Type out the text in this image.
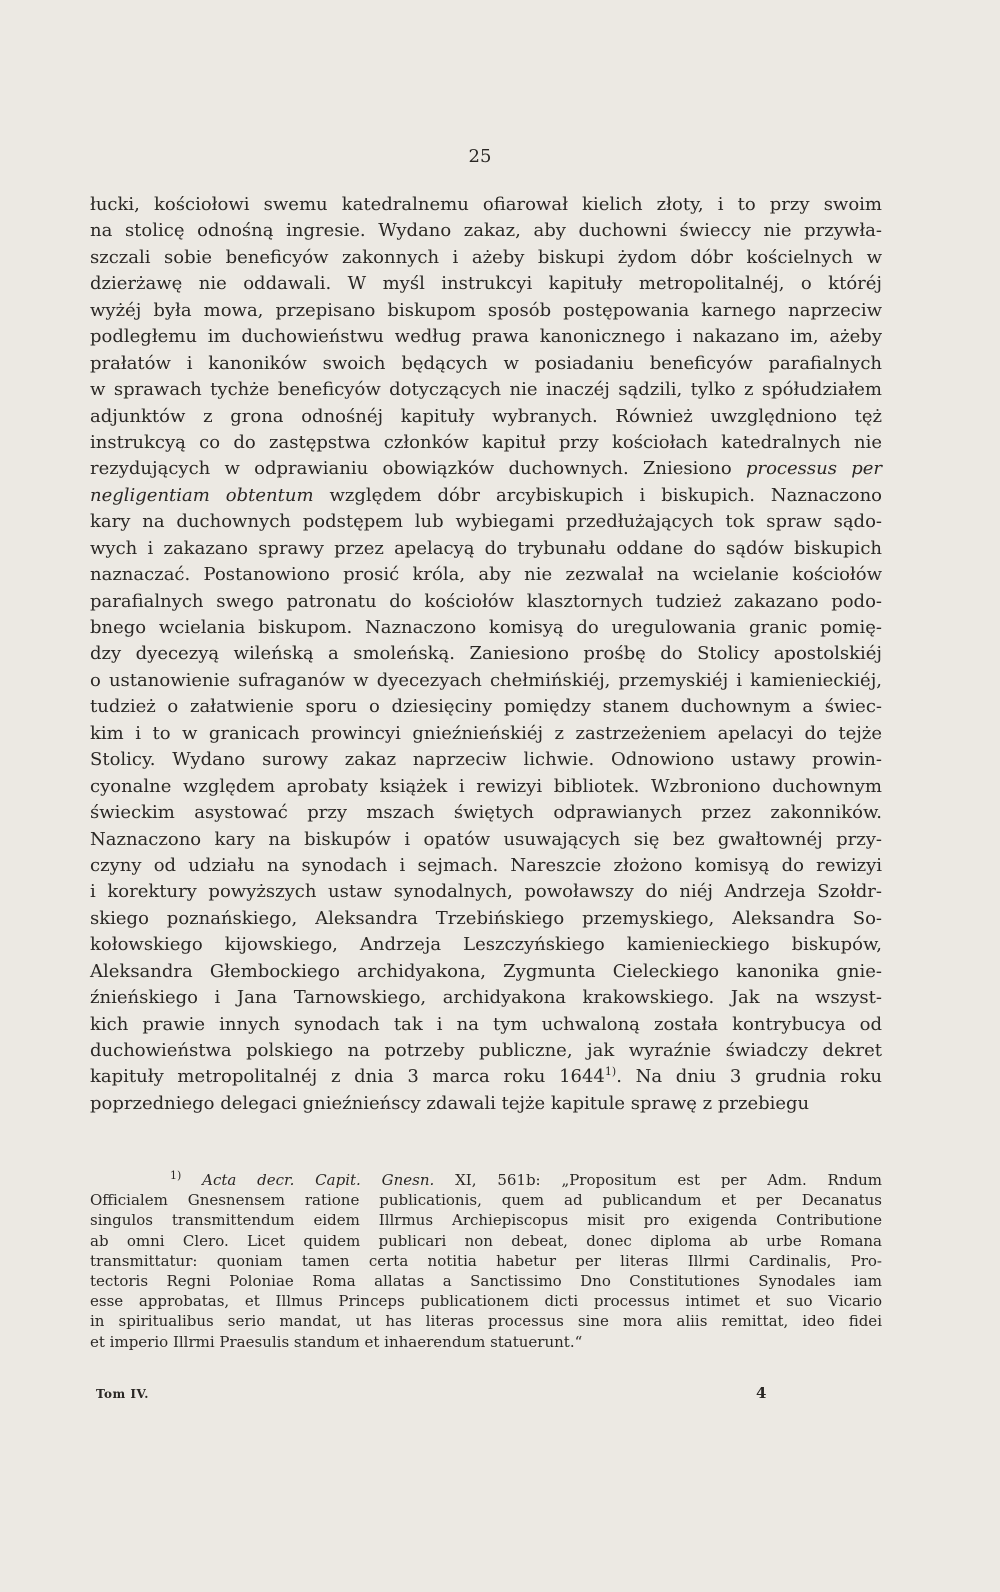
25
łucki, kościołowi swemu katedralnemu ofiarował kielich złoty, i to przy swoim
na stolicę odnośną ingresie. Wydano zakaz, aby duchowni świeccy nie przywła-
szczali sobie beneficyów zakonnych i ażeby biskupi żydom dóbr kościelnych w
dzierżawę nie oddawali. W myśl instrukcyi kapituły metropolitalnéj, o któréj
wyżéj była mowa, przepisano biskupom sposób postępowania karnego naprzeciw
podległemu im duchowieństwu według prawa kanonicznego i nakazano im, ażeby
prałatów i kanoników swoich będących w posiadaniu beneficyów parafialnych
w sprawach tychże beneficyów dotyczących nie inaczéj sądzili, tylko z spółudziałem
adjunktów z grona odnośnéj kapituły wybranych. Również uwzględniono tęż
instrukcyą co do zastępstwa członków kapituł przy kościołach katedralnych nie
rezydujących w odprawianiu obowiązków duchownych. Zniesiono processus per
negligentiam obtentum względem dóbr arcybiskupich i biskupich. Naznaczono
kary na duchownych podstępem lub wybiegami przedłużających tok spraw sądo-
wych i zakazano sprawy przez apelacyą do trybunału oddane do sądów biskupich
naznaczać. Postanowiono prosić króla, aby nie zezwalał na wcielanie kościołów
parafialnych swego patronatu do kościołów klasztornych tudzież zakazano podo-
bnego wcielania biskupom. Naznaczono komisyą do uregulowania granic pomię-
dzy dyecezyą wileńską a smoleńską. Zaniesiono prośbę do Stolicy apostolskiéj
o ustanowienie sufraganów w dyecezyach chełmińskiéj, przemyskiéj i kamienieckiéj,
tudzież o załatwienie sporu o dziesięciny pomiędzy stanem duchownym a świec-
kim i to w granicach prowincyi gnieźnieńskiéj z zastrzeżeniem apelacyi do tejże
Stolicy. Wydano surowy zakaz naprzeciw lichwie. Odnowiono ustawy prowin-
cyonalne względem aprobaty książek i rewizyi bibliotek. Wzbroniono duchownym
świeckim asystować przy mszach świętych odprawianych przez zakonników.
Naznaczono kary na biskupów i opatów usuwających się bez gwałtownéj przy-
czyny od udziału na synodach i sejmach. Nareszcie złożono komisyą do rewizyi
i korektury powyższych ustaw synodalnych, powoławszy do niéj Andrzeja Szołdr-
skiego poznańskiego, Aleksandra Trzebińskiego przemyskiego, Aleksandra So-
kołowskiego kijowskiego, Andrzeja Leszczyńskiego kamienieckiego biskupów,
Aleksandra Głembockiego archidyakona, Zygmunta Cieleckiego kanonika gnie-
źnieńskiego i Jana Tarnowskiego, archidyakona krakowskiego. Jak na wszyst-
kich prawie innych synodach tak i na tym uchwaloną została kontrybucya od
duchowieństwa polskiego na potrzeby publiczne, jak wyraźnie świadczy dekret
kapituły metropolitalnéj z dnia 3 marca roku 1644$^{1)}$. Na dniu 3 grudnia roku
poprzedniego delegaci gnieźnieńscy zdawali tejże kapitule sprawę z przebiegu
$^{1)}$ Acta decr. Capit. Gnesn. XI, 561b: „Propositum est per Adm. Rndum
Officialem Gnesnensem ratione publicationis, quem ad publicandum et per Decanatus
singulos transmittendum eidem Illrmus Archiepiscopus misit pro exigenda Contributione
ab omni Clero. Licet quidem publicari non debeat, donec diploma ab urbe Romana
transmittatur: quoniam tamen certa notitia habetur per literas Illrmi Cardinalis, Pro-
tectoris Regni Poloniae Roma allatas a Sanctissimo Dno Constitutiones Synodales iam
esse approbatas, et Illmus Princeps publicationem dicti processus intimet et suo Vicario
in spiritualibus serio mandat, ut has literas processus sine mora aliis remittat, ideo fidei
et imperio Illrmi Praesulis standum et inhaerendum statuerunt.“
Tom IV.	4
